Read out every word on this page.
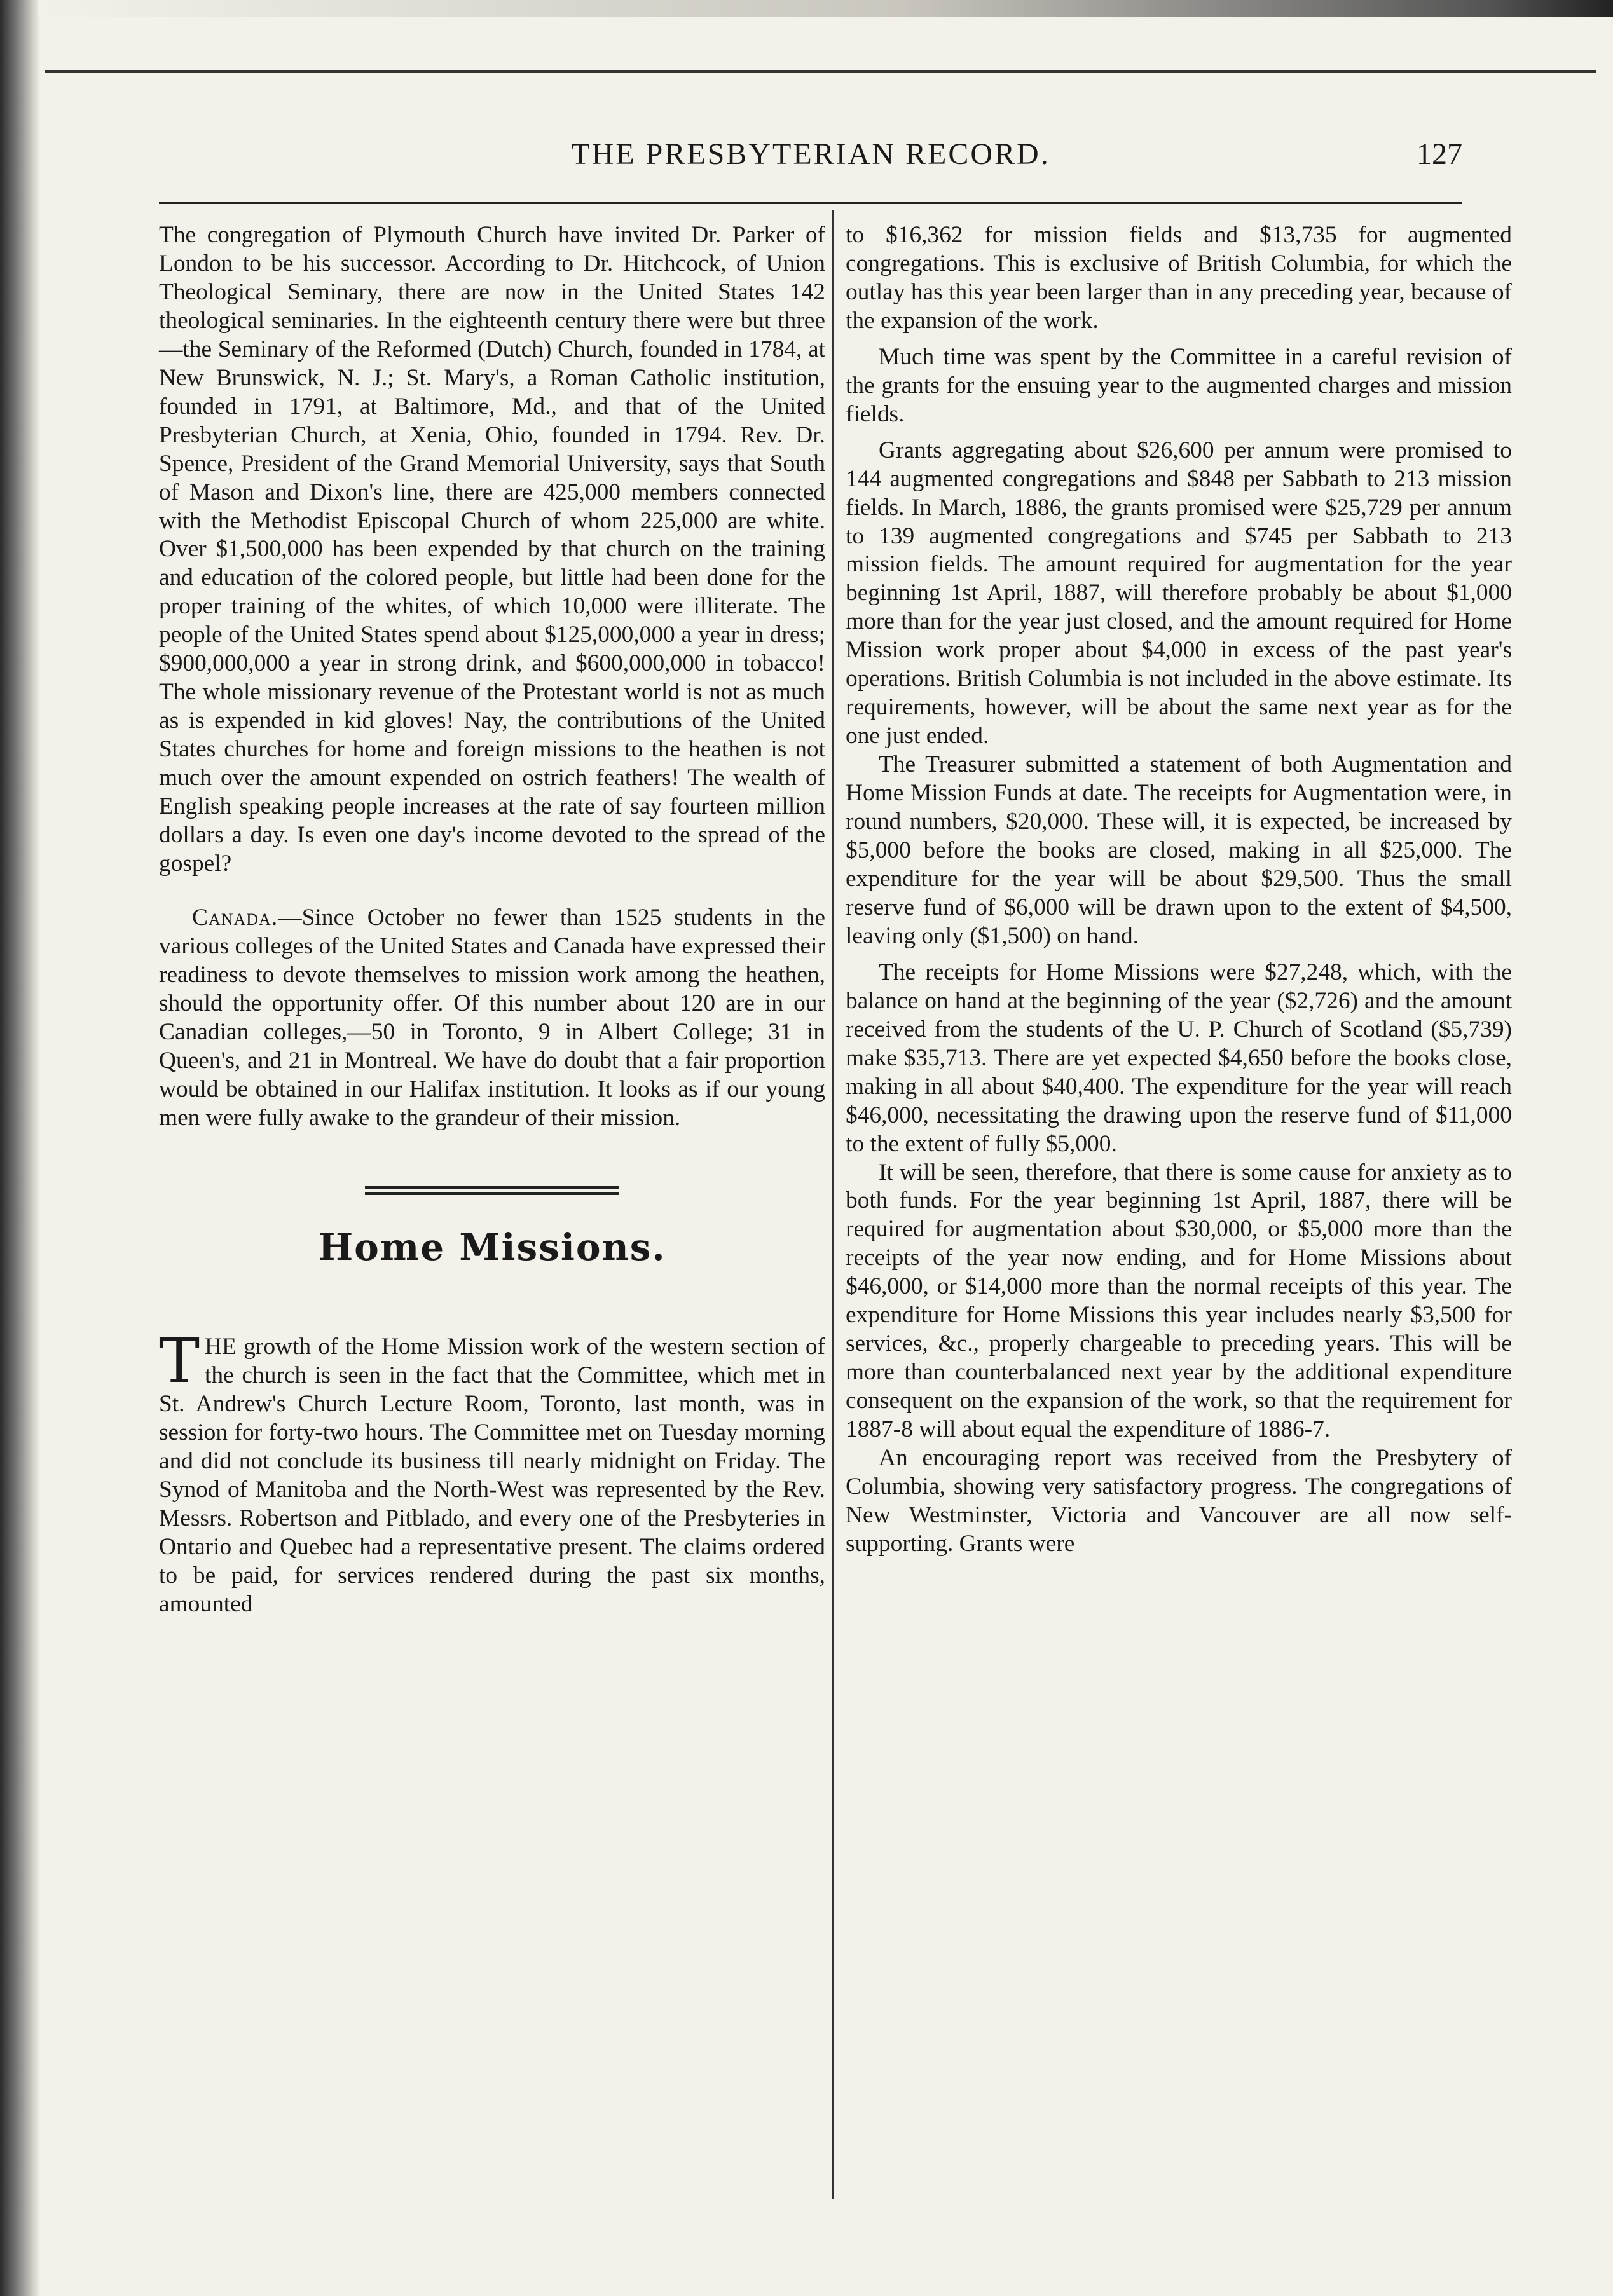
THE PRESBYTERIAN RECORD.	127

The congregation of Plymouth Church have invited Dr. Parker of London to be his successor. According to Dr. Hitchcock, of Union Theological Seminary, there are now in the United States 142 theological seminaries. In the eighteenth century there were but three—the Seminary of the Reformed (Dutch) Church, founded in 1784, at New Brunswick, N. J.; St. Mary's, a Roman Catholic institution, founded in 1791, at Baltimore, Md., and that of the United Presbyterian Church, at Xenia, Ohio, founded in 1794. Rev. Dr. Spence, President of the Grand Memorial University, says that South of Mason and Dixon's line, there are 425,000 members connected with the Methodist Episcopal Church of whom 225,000 are white. Over $1,500,000 has been expended by that church on the training and education of the colored people, but little had been done for the proper training of the whites, of which 10,000 were illiterate. The people of the United States spend about $125,000,000 a year in dress; $900,000,000 a year in strong drink, and $600,000,000 in tobacco! The whole missionary revenue of the Protestant world is not as much as is expended in kid gloves! Nay, the contributions of the United States churches for home and foreign missions to the heathen is not much over the amount expended on ostrich feathers! The wealth of English speaking people increases at the rate of say fourteen million dollars a day. Is even one day's income devoted to the spread of the gospel?

Canada.—Since October no fewer than 1525 students in the various colleges of the United States and Canada have expressed their readiness to devote themselves to mission work among the heathen, should the opportunity offer. Of this number about 120 are in our Canadian colleges,—50 in Toronto, 9 in Albert College; 31 in Queen's, and 21 in Montreal. We have do doubt that a fair proportion would be obtained in our Halifax institution. It looks as if our young men were fully awake to the grandeur of their mission.

Home Missions.

THE growth of the Home Mission work of the western section of the church is seen in the fact that the Committee, which met in St. Andrew's Church Lecture Room, Toronto, last month, was in session for forty-two hours. The Committee met on Tuesday morning and did not conclude its business till nearly midnight on Friday. The Synod of Manitoba and the North-West was represented by the Rev. Messrs. Robertson and Pitblado, and every one of the Presbyteries in Ontario and Quebec had a representative present. The claims ordered to be paid, for services rendered during the past six months, amounted

to $16,362 for mission fields and $13,735 for augmented congregations. This is exclusive of British Columbia, for which the outlay has this year been larger than in any preceding year, because of the expansion of the work.

Much time was spent by the Committee in a careful revision of the grants for the ensuing year to the augmented charges and mission fields.

Grants aggregating about $26,600 per annum were promised to 144 augmented congregations and $848 per Sabbath to 213 mission fields. In March, 1886, the grants promised were $25,729 per annum to 139 augmented congregations and $745 per Sabbath to 213 mission fields. The amount required for augmentation for the year beginning 1st April, 1887, will therefore probably be about $1,000 more than for the year just closed, and the amount required for Home Mission work proper about $4,000 in excess of the past year's operations. British Columbia is not included in the above estimate. Its requirements, however, will be about the same next year as for the one just ended.

The Treasurer submitted a statement of both Augmentation and Home Mission Funds at date. The receipts for Augmentation were, in round numbers, $20,000. These will, it is expected, be increased by $5,000 before the books are closed, making in all $25,000. The expenditure for the year will be about $29,500. Thus the small reserve fund of $6,000 will be drawn upon to the extent of $4,500, leaving only ($1,500) on hand.

The receipts for Home Missions were $27,248, which, with the balance on hand at the beginning of the year ($2,726) and the amount received from the students of the U. P. Church of Scotland ($5,739) make $35,713. There are yet expected $4,650 before the books close, making in all about $40,400. The expenditure for the year will reach $46,000, necessitating the drawing upon the reserve fund of $11,000 to the extent of fully $5,000.

It will be seen, therefore, that there is some cause for anxiety as to both funds. For the year beginning 1st April, 1887, there will be required for augmentation about $30,000, or $5,000 more than the receipts of the year now ending, and for Home Missions about $46,000, or $14,000 more than the normal receipts of this year. The expenditure for Home Missions this year includes nearly $3,500 for services, &c., properly chargeable to preceding years. This will be more than counterbalanced next year by the additional expenditure consequent on the expansion of the work, so that the requirement for 1887-8 will about equal the expenditure of 1886-7.

An encouraging report was received from the Presbytery of Columbia, showing very satisfactory progress. The congregations of New Westminster, Victoria and Vancouver are all now self-supporting. Grants were
